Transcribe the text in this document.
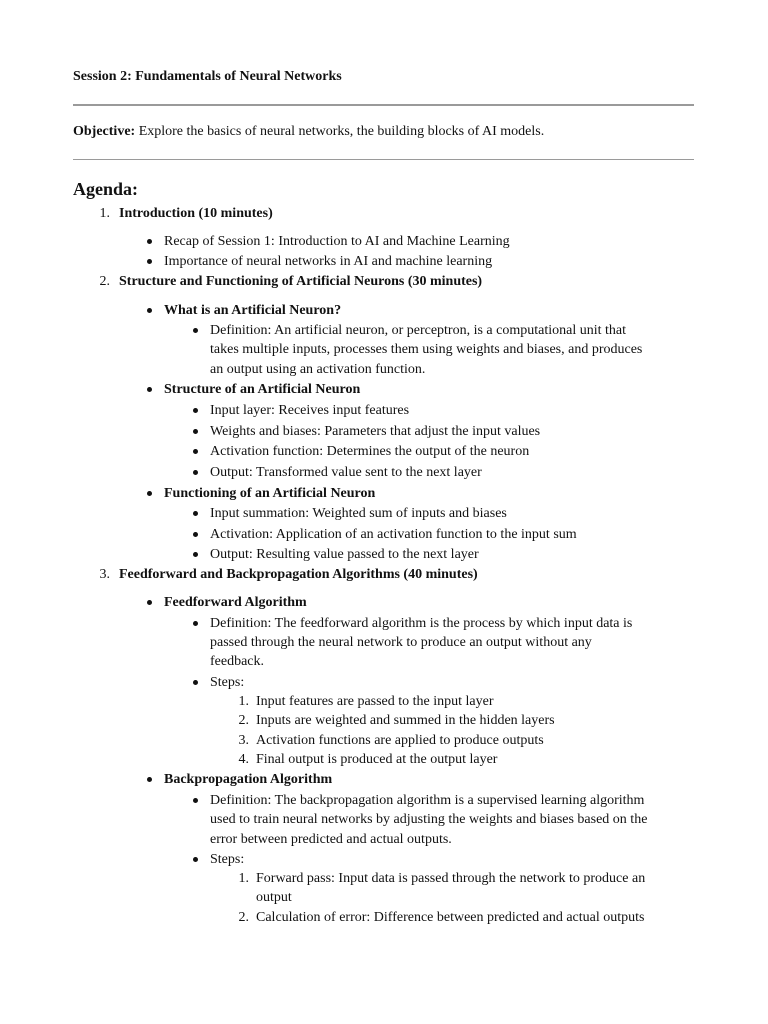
Session 2: Fundamentals of Neural Networks
Objective: Explore the basics of neural networks, the building blocks of AI models.
Agenda:
1. Introduction (10 minutes)
Recap of Session 1: Introduction to AI and Machine Learning
Importance of neural networks in AI and machine learning
2. Structure and Functioning of Artificial Neurons (30 minutes)
What is an Artificial Neuron?
Definition: An artificial neuron, or perceptron, is a computational unit that
takes multiple inputs, processes them using weights and biases, and produces
an output using an activation function.
Structure of an Artificial Neuron
Input layer: Receives input features
Weights and biases: Parameters that adjust the input values
Activation function: Determines the output of the neuron
Output: Transformed value sent to the next layer
Functioning of an Artificial Neuron
Input summation: Weighted sum of inputs and biases
Activation: Application of an activation function to the input sum
Output: Resulting value passed to the next layer
3. Feedforward and Backpropagation Algorithms (40 minutes)
Feedforward Algorithm
Definition: The feedforward algorithm is the process by which input data is
passed through the neural network to produce an output without any
feedback.
Steps:
1. Input features are passed to the input layer
2. Inputs are weighted and summed in the hidden layers
3. Activation functions are applied to produce outputs
4. Final output is produced at the output layer
Backpropagation Algorithm
Definition: The backpropagation algorithm is a supervised learning algorithm
used to train neural networks by adjusting the weights and biases based on the
error between predicted and actual outputs.
Steps:
1. Forward pass: Input data is passed through the network to produce an
output
2. Calculation of error: Difference between predicted and actual outputs
